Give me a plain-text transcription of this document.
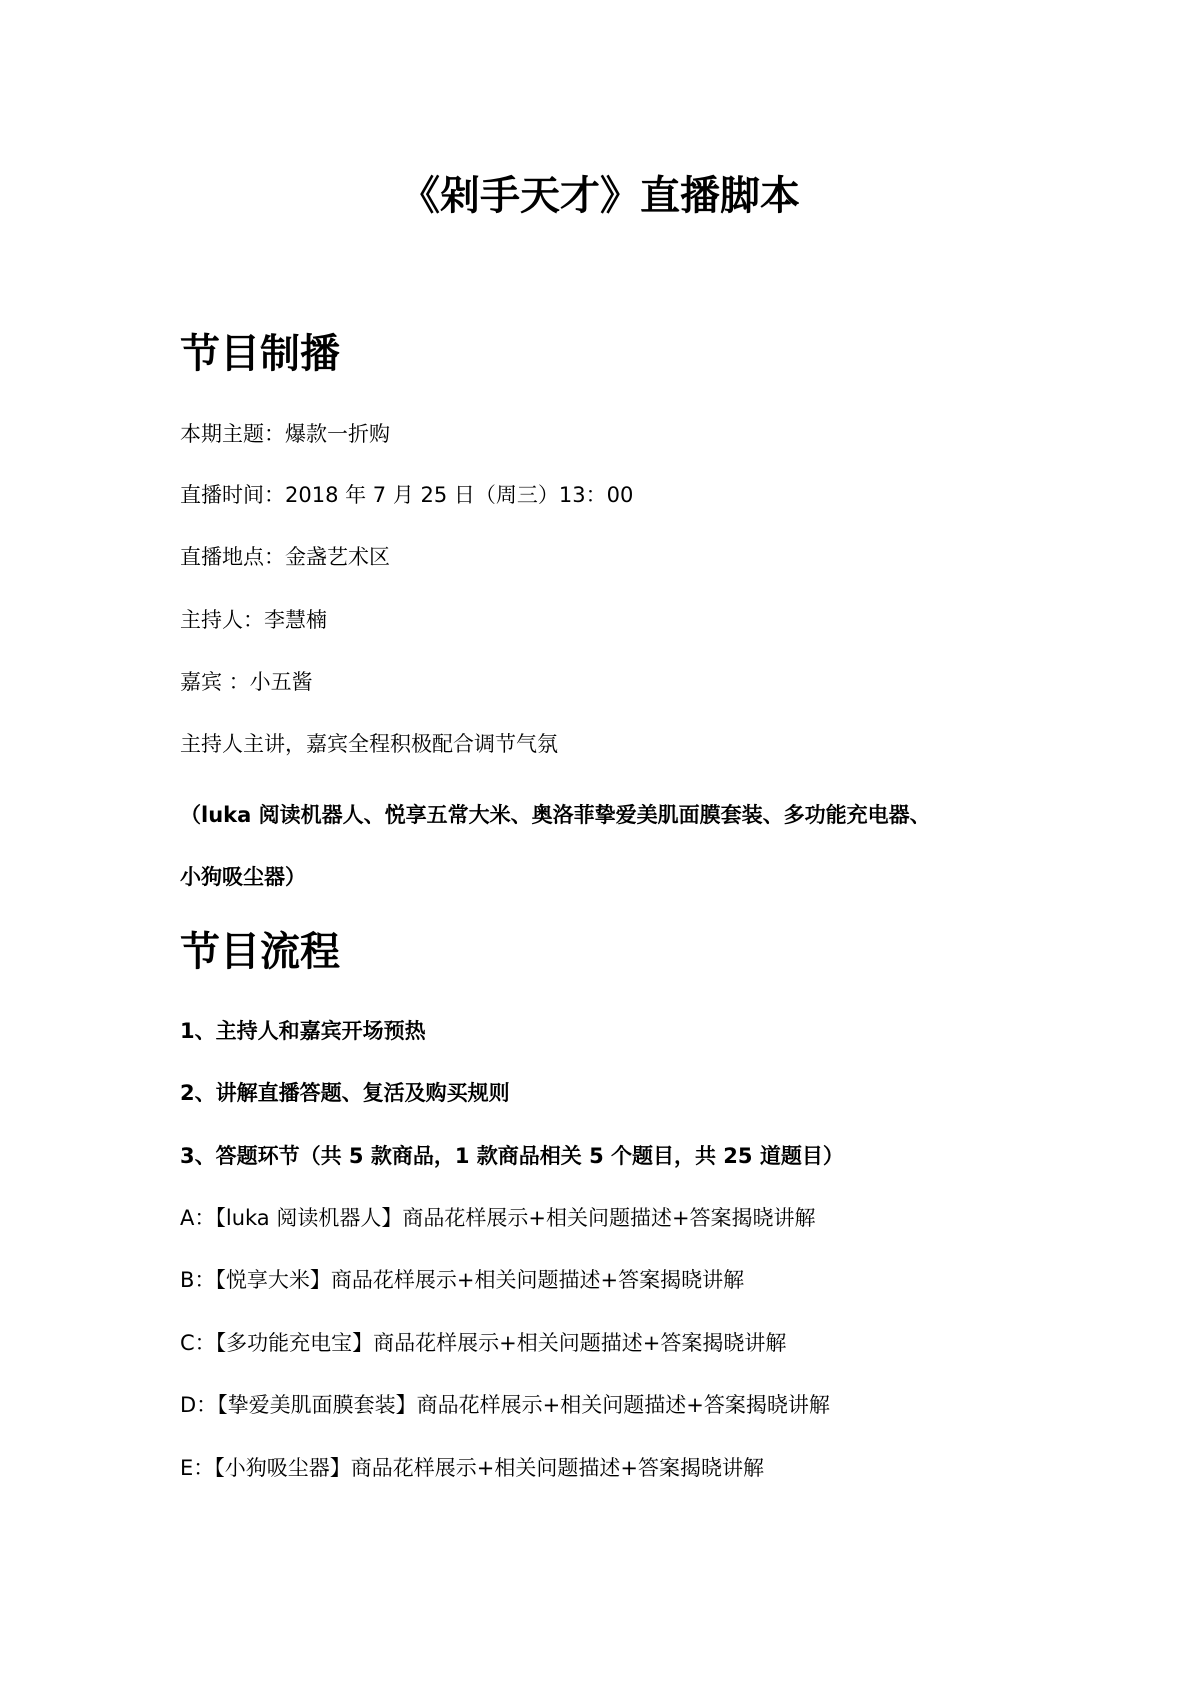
《剁手天才》直播脚本
节目制播

本期主题：爆款一折购

直播时间：2018 年 7 月 25 日（周三）13：00

直播地点：金盏艺术区

主持人：李慧楠

嘉宾 ：小五酱

主持人主讲，嘉宾全程积极配合调节气氛

（luka 阅读机器人、悦享五常大米、奥洛菲挚爱美肌面膜套装、多功能充电器、
小狗吸尘器）

节目流程

1、主持人和嘉宾开场预热

2、讲解直播答题、复活及购买规则

3、答题环节（共 5 款商品，1 款商品相关 5 个题目，共 25 道题目）

A：【luka 阅读机器人】商品花样展示+相关问题描述+答案揭晓讲解

B：【悦享大米】商品花样展示+相关问题描述+答案揭晓讲解

C：【多功能充电宝】商品花样展示+相关问题描述+答案揭晓讲解

D：【挚爱美肌面膜套装】商品花样展示+相关问题描述+答案揭晓讲解

E：【小狗吸尘器】商品花样展示+相关问题描述+答案揭晓讲解
